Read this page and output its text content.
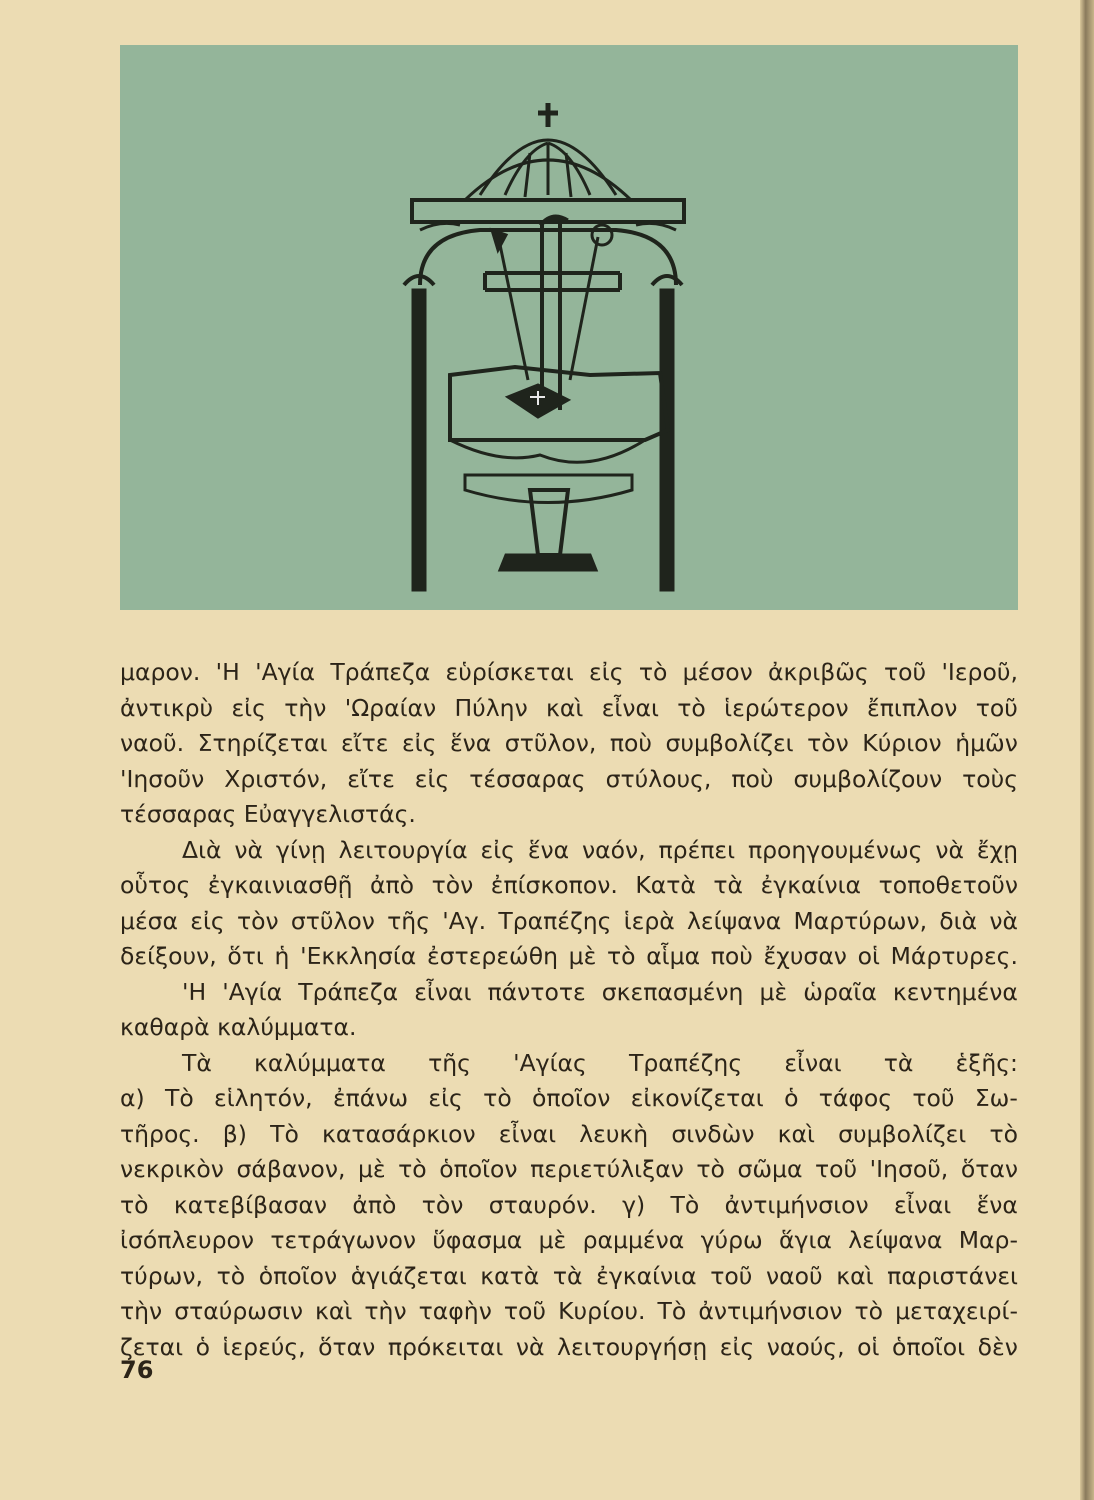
μαρον. 'Η 'Αγία Τράπεζα εὑρίσκεται εἰς τὸ μέσον ἀκριβῶς τοῦ 'Ιεροῦ,
ἀντικρὺ εἰς τὴν 'Ωραίαν Πύλην καὶ εἶναι τὸ ἱερώτερον ἔπιπλον τοῦ
ναοῦ. Στηρίζεται εἴτε εἰς ἕνα στῦλον, ποὺ συμβολίζει τὸν Κύριον ἡμῶν
'Ιησοῦν Χριστόν, εἴτε εἰς τέσσαρας στύλους, ποὺ συμβολίζουν τοὺς
τέσσαρας Εὐαγγελιστάς.
Διὰ νὰ γίνῃ λειτουργία εἰς ἕνα ναόν, πρέπει προηγουμένως νὰ ἔχῃ
οὗτος ἐγκαινιασθῇ ἀπὸ τὸν ἐπίσκοπον. Κατὰ τὰ ἐγκαίνια τοποθετοῦν
μέσα εἰς τὸν στῦλον τῆς 'Αγ. Τραπέζης ἱερὰ λείψανα Μαρτύρων, διὰ νὰ
δείξουν, ὅτι ἡ 'Εκκλησία ἐστερεώθη μὲ τὸ αἷμα ποὺ ἔχυσαν οἱ Μάρτυρες.
'Η 'Αγία Τράπεζα εἶναι πάντοτε σκεπασμένη μὲ ὡραῖα κεντημένα
καθαρὰ καλύμματα.
Τὰ καλύμματα τῆς 'Αγίας Τραπέζης εἶναι τὰ ἑξῆς:
α) Τὸ εἱλητόν, ἐπάνω εἰς τὸ ὁποῖον εἰκονίζεται ὁ τάφος τοῦ Σω-
τῆρος. β) Τὸ κατασάρκιον εἶναι λευκὴ σινδὼν καὶ συμβολίζει τὸ
νεκρικὸν σάβανον, μὲ τὸ ὁποῖον περιετύλιξαν τὸ σῶμα τοῦ 'Ιησοῦ, ὅταν
τὸ κατεβίβασαν ἀπὸ τὸν σταυρόν. γ) Τὸ ἀντιμήνσιον εἶναι ἕνα
ἰσόπλευρον τετράγωνον ὕφασμα μὲ ραμμένα γύρω ἅγια λείψανα Μαρ-
τύρων, τὸ ὁποῖον ἁγιάζεται κατὰ τὰ ἐγκαίνια τοῦ ναοῦ καὶ παριστάνει
τὴν σταύρωσιν καὶ τὴν ταφὴν τοῦ Κυρίου. Τὸ ἀντιμήνσιον τὸ μεταχειρί-
ζεται ὁ ἱερεύς, ὅταν πρόκειται νὰ λειτουργήσῃ εἰς ναούς, οἱ ὁποῖοι δὲν
76
